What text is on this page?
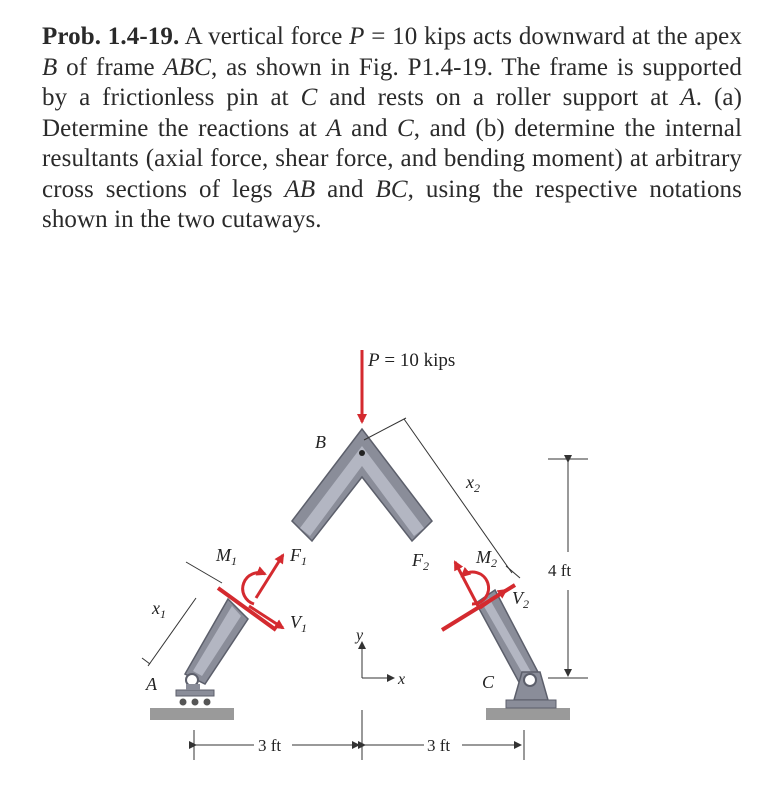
Prob. 1.4-19. A vertical force P = 10 kips acts downward at the apex B of frame ABC, as shown in Fig. P1.4-19. The frame is supported by a frictionless pin at C and rests on a roller support at A. (a) Determine the reactions at A and C, and (b) determine the internal resultants (axial force, shear force, and bending moment) at arbitrary cross sections of legs AB and BC, using the respective notations shown in the two cutaways.
P = 10 kips
B
A	C
$M_1$	$F_1$
$V_1$
$x_1$
$F_2$	$M_2$
$V_2$
$x_2$
y
x
4 ft
3 ft	3 ft
